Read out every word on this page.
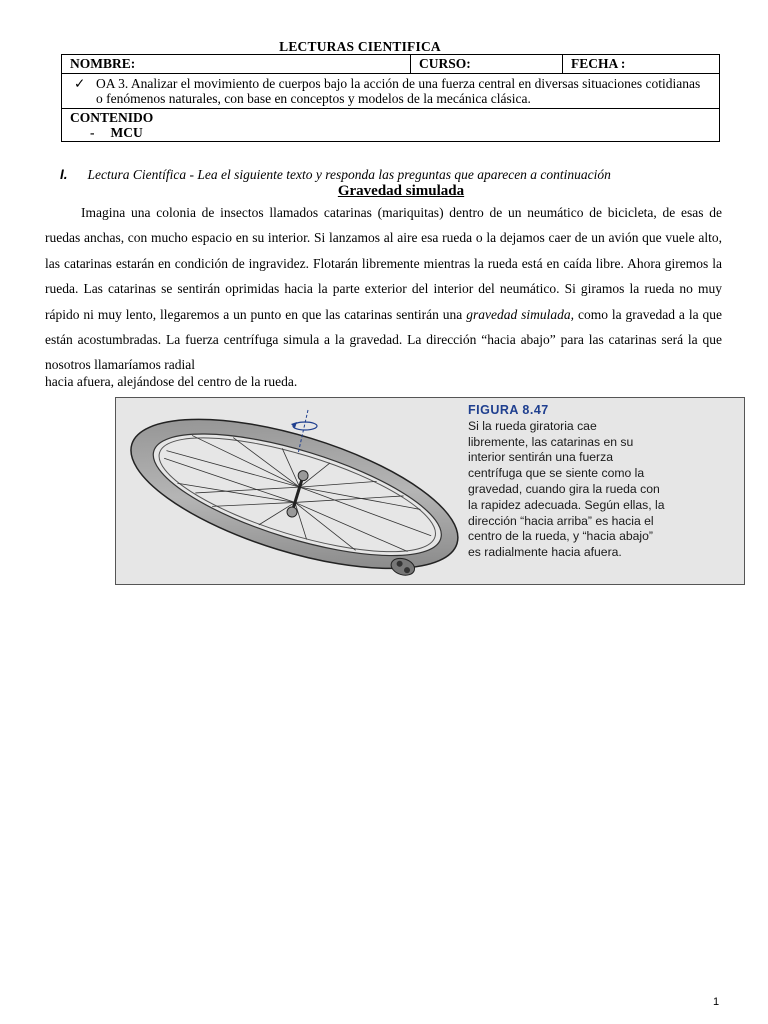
LECTURAS CIENTIFICA
NOMBRE:	CURSO:	FECHA :

✓ OA 3. Analizar el movimiento de cuerpos bajo la acción de una fuerza central en diversas situaciones cotidianas o fenómenos naturales, con base en conceptos y modelos de la mecánica clásica.

CONTENIDO
- MCU
I. Lectura Científica - Lea el siguiente texto y responda las preguntas que aparecen a continuación
Gravedad simulada

Imagina una colonia de insectos llamados catarinas (mariquitas) dentro de un neumático de bicicleta, de esas de ruedas anchas, con mucho espacio en su interior. Si lanzamos al aire esa rueda o la dejamos caer de un avión que vuele alto, las catarinas estarán en condición de ingravidez. Flotarán libremente mientras la rueda está en caída libre. Ahora giremos la rueda. Las catarinas se sentirán oprimidas hacia la parte exterior del interior del neumático. Si giramos la rueda no muy rápido ni muy lento, llegaremos a un punto en que las catarinas sentirán una gravedad simulada, como la gravedad a la que están acostumbradas. La fuerza centrífuga simula a la gravedad. La dirección “hacia abajo” para las catarinas será la que nosotros llamaríamos radial

hacia afuera, alejándose del centro de la rueda.

FIGURA 8.47
Si la rueda giratoria cae
libremente, las catarinas en su
interior sentirán una fuerza
centrífuga que se siente como la
gravedad, cuando gira la rueda con
la rapidez adecuada. Según ellas, la
dirección “hacia arriba” es hacia el
centro de la rueda, y “hacia abajo”
es radialmente hacia afuera.
1
